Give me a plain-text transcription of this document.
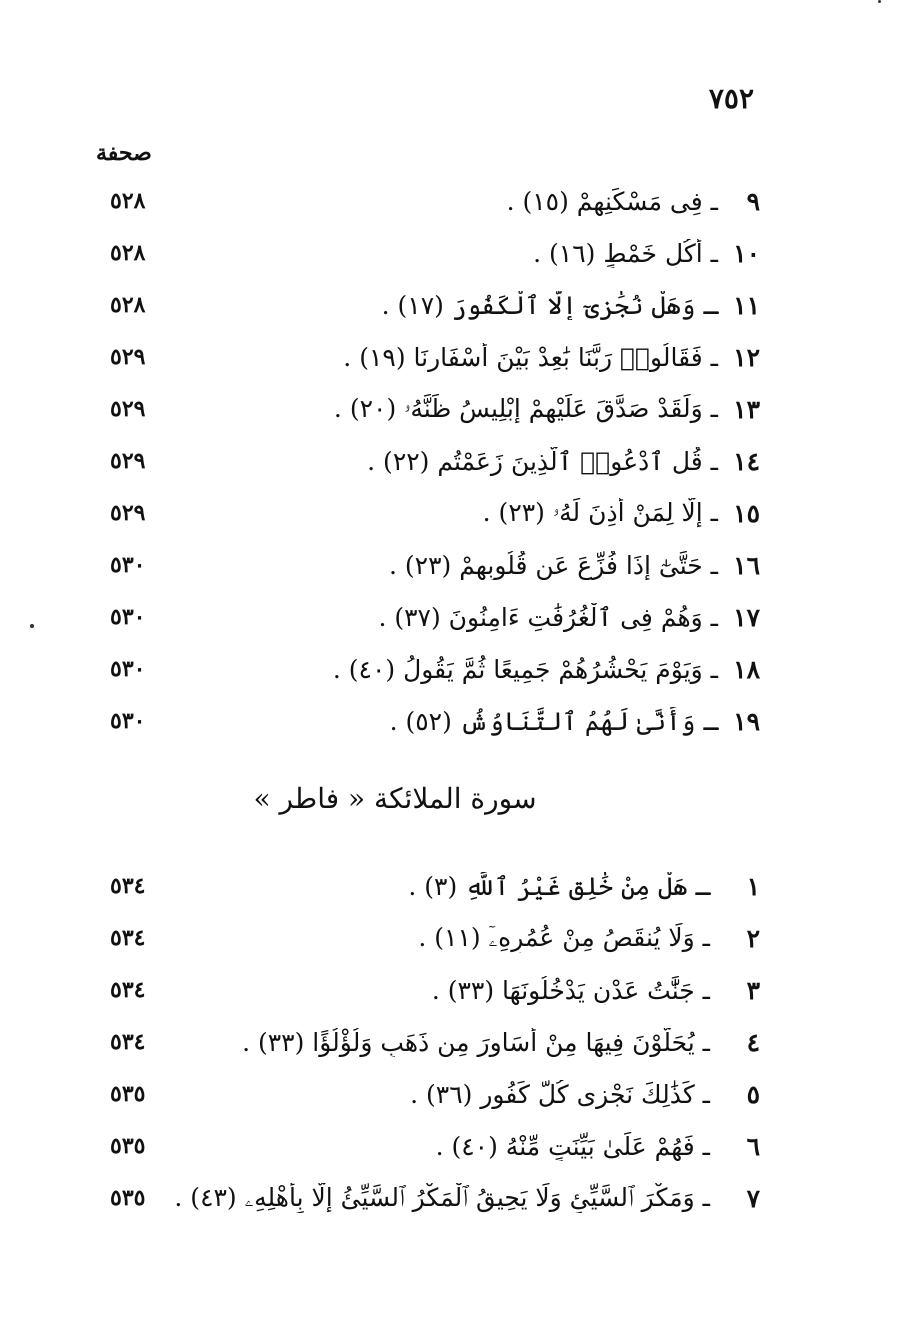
٧٥٢
صحفة
٩
ـ فِى مَسْكَنِهِمْ (١٥) .
٥٢٨
١٠
ـ أُكُلٍ خَمْطٍ (١٦) .
٥٢٨
١١
ـ وَهَلْ نُجَٰزِىٓ إِلَّا ٱلْكَفُورَ (١٧) .
٥٢٨
١٢
ـ فَقَالُوا۟ رَبَّنَا بَٰعِدْ بَيْنَ أَسْفَارِنَا (١٩) .
٥٢٩
١٣
ـ وَلَقَدْ صَدَّقَ عَلَيْهِمْ إِبْلِيسُ ظَنَّهُۥ (٢٠) .
٥٢٩
١٤
ـ قُلِ ٱدْعُوا۟ ٱلَّذِينَ زَعَمْتُم (٢٢) .
٥٢٩
١٥
ـ إِلَّا لِمَنْ أَذِنَ لَهُۥ (٢٣) .
٥٢٩
١٦
ـ حَتَّىٰٓ إِذَا فُزِّعَ عَن قُلُوبِهِمْ (٢٣) .
٥٣٠
١٧
ـ وَهُمْ فِى ٱلْغُرُفَٰتِ ءَامِنُونَ (٣٧) .
٥٣٠
١٨
ـ وَيَوْمَ يَحْشُرُهُمْ جَمِيعًا ثُمَّ يَقُولُ (٤٠) .
٥٣٠
١٩
ـ وَأَنَّىٰ لَهُمُ ٱلتَّنَاوُشُ (٥٢) .
٥٣٠
سورة الملائكة « فاطر »
١
ـ هَلْ مِنْ خَٰلِقٍ غَيْرُ ٱللَّهِ (٣) .
٥٣٤
٢
ـ وَلَا يُنقَصُ مِنْ عُمُرِهِۦٓ (١١) .
٥٣٤
٣
ـ جَنَّٰتُ عَدْنٍ يَدْخُلُونَهَا (٣٣) .
٥٣٤
٤
ـ يُحَلَّوْنَ فِيهَا مِنْ أَسَاوِرَ مِن ذَهَبٍ وَلُؤْلُؤًا (٣٣) .
٥٣٤
٥
ـ كَذَٰلِكَ نَجْزِى كُلَّ كَفُورٍ (٣٦) .
٥٣٥
٦
ـ فَهُمْ عَلَىٰ بَيِّنَتٍ مِّنْهُ (٤٠) .
٥٣٥
٧
ـ وَمَكْرَ ٱلسَّيِّئِ وَلَا يَحِيقُ ٱلْمَكْرُ ٱلسَّيِّئُ إِلَّا بِأَهْلِهِۦ (٤٣) .
٥٣٥
